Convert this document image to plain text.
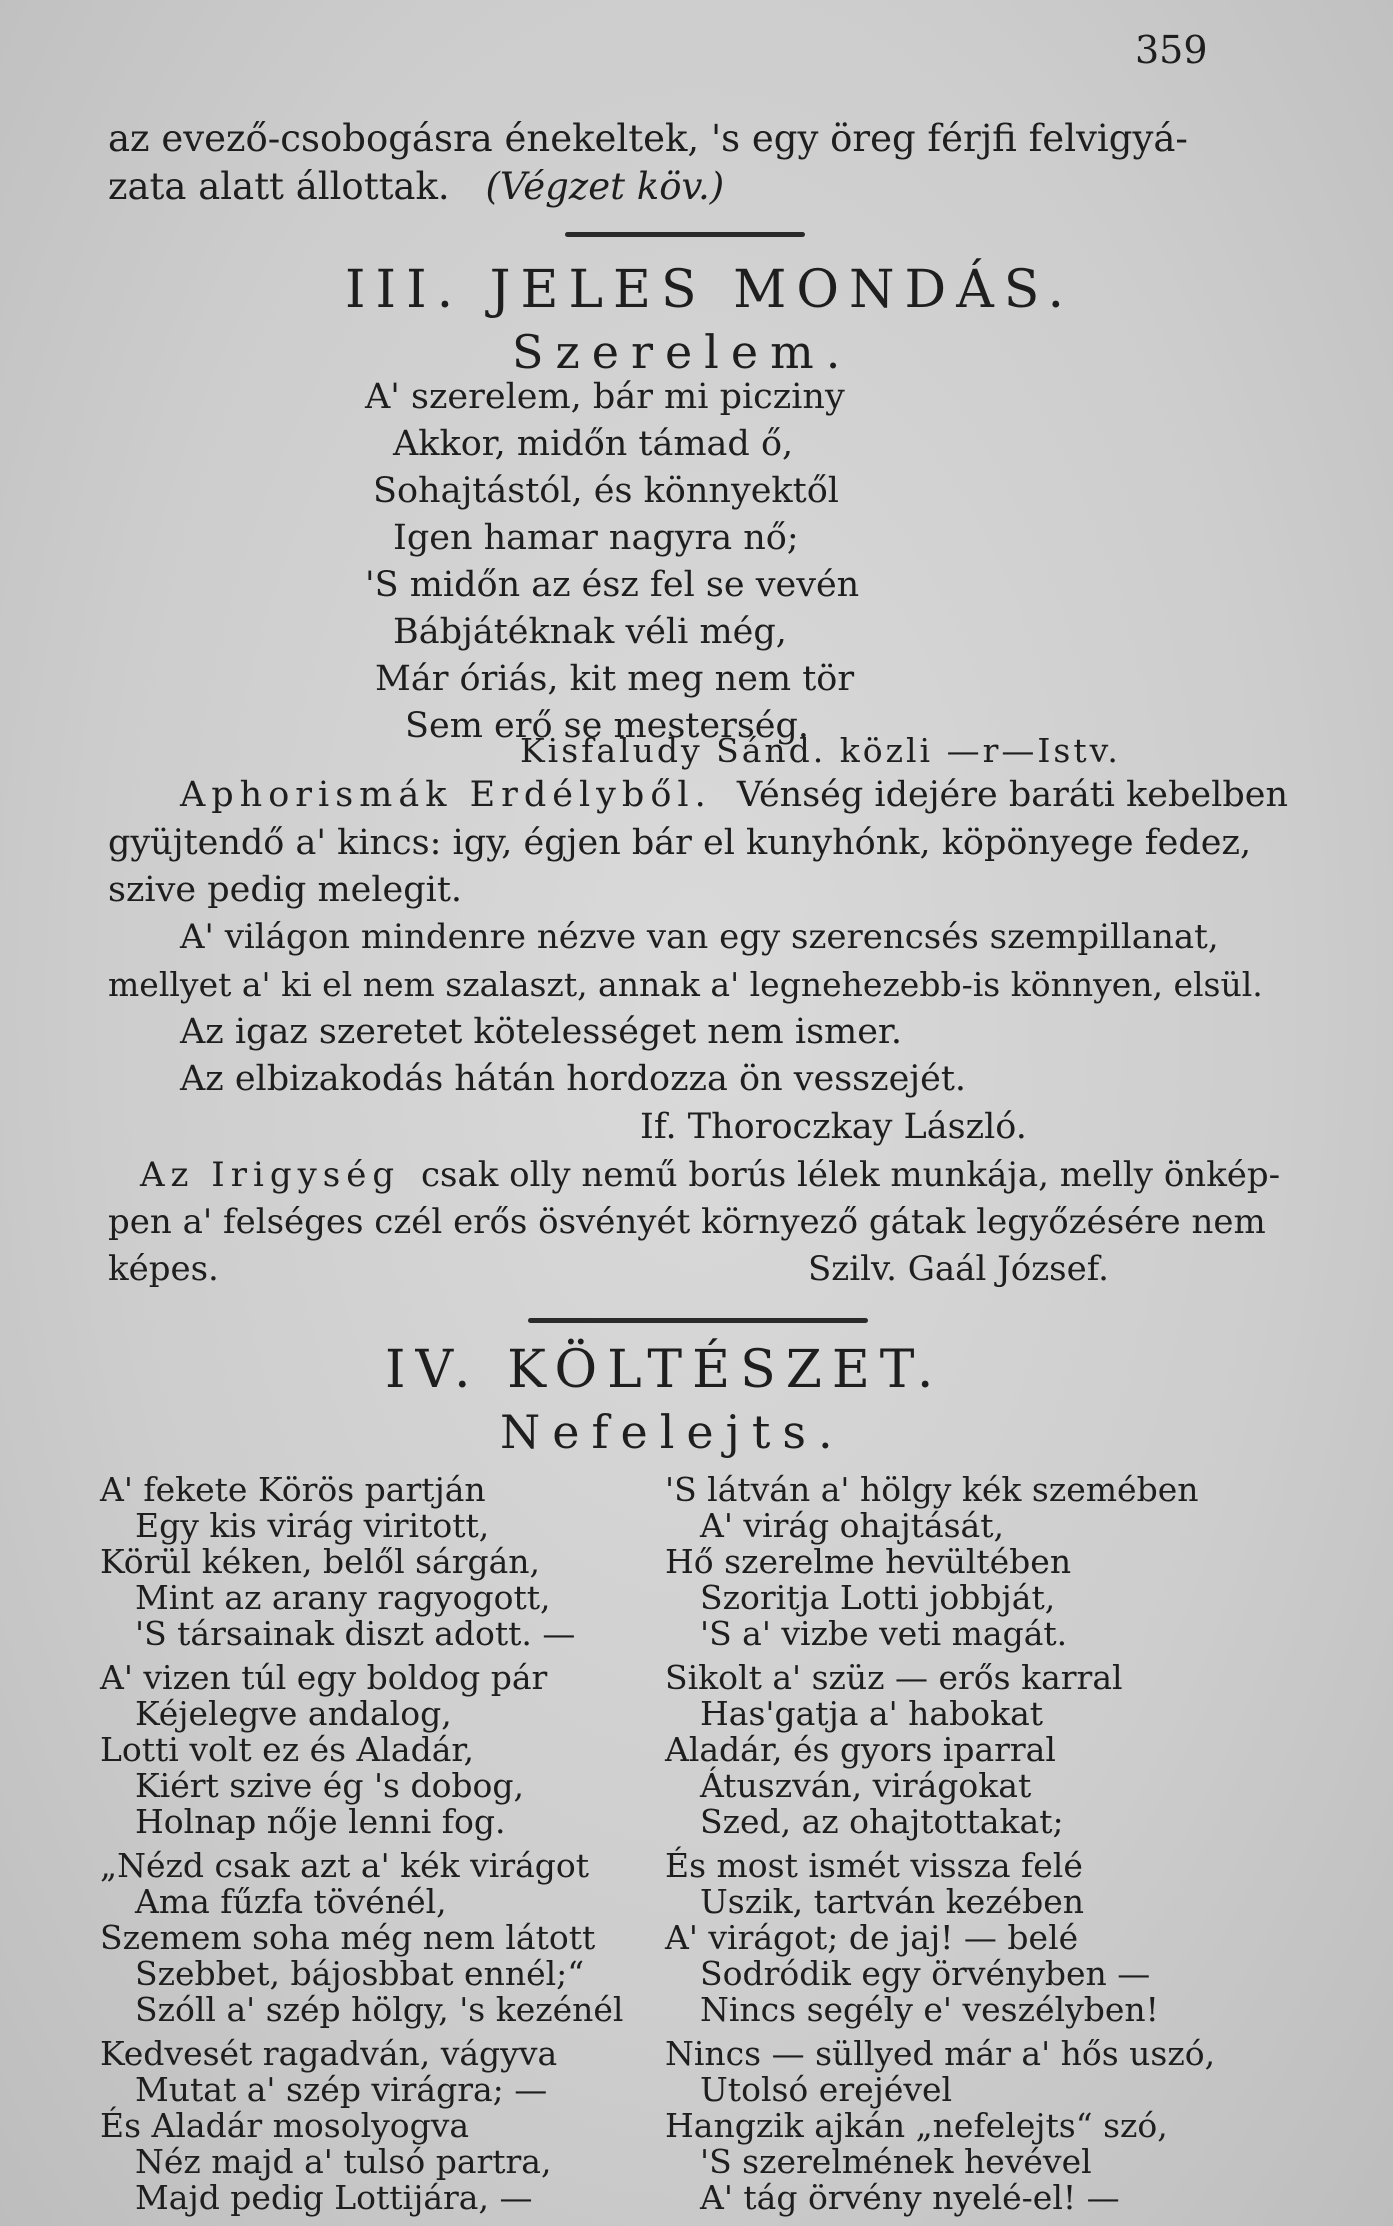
359
az evező-csobogásra énekeltek, 's egy öreg férjfi felvigyá-
zata alatt állottak. (Végzet köv.)
III. JELES MONDÁS.
Szerelem.
A' szerelem, bár mi picziny
Akkor, midőn támad ő,
Sohajtástól, és könnyektől
Igen hamar nagyra nő;
'S midőn az ész fel se vevén
Bábjátéknak véli még,
Már óriás, kit meg nem tör
Sem erő se mesterség.
Kisfaludy Sánd. közli —r—Istv.
Aphorismák Erdélyből. Vénség idejére baráti kebelben
gyüjtendő a' kincs: igy, égjen bár el kunyhónk, köpönyege fedez,
szive pedig melegit.
A' világon mindenre nézve van egy szerencsés szempillanat,
mellyet a' ki el nem szalaszt, annak a' legnehezebb-is könnyen, elsül.
Az igaz szeretet kötelességet nem ismer.
Az elbizakodás hátán hordozza ön vesszejét.
If. Thoroczkay László.
Az Irigység csak olly nemű borús lélek munkája, melly önkép-
pen a' felséges czél erős ösvényét környező gátak legyőzésére nem
képes.	Szilv. Gaál József.
IV. KÖLTÉSZET.
Nefelejts.
A' fekete Körös partján
Egy kis virág viritott,
Körül kéken, belől sárgán,
Mint az arany ragyogott,
'S társainak diszt adott. —
A' vizen túl egy boldog pár
Kéjelegve andalog,
Lotti volt ez és Aladár,
Kiért szive ég 's dobog,
Holnap nője lenni fog.
„Nézd csak azt a' kék virágot
Ama fűzfa tövénél,
Szemem soha még nem látott
Szebbet, bájosbbat ennél;“
Szóll a' szép hölgy, 's kezénél
Kedvesét ragadván, vágyva
Mutat a' szép virágra; —
És Aladár mosolyogva
Néz majd a' tulsó partra,
Majd pedig Lottijára, —
'S látván a' hölgy kék szemében
A' virág ohajtását,
Hő szerelme hevültében
Szoritja Lotti jobbját,
'S a' vizbe veti magát.
Sikolt a' szüz — erős karral
Has'gatja a' habokat
Aladár, és gyors iparral
Átuszván, virágokat
Szed, az ohajtottakat;
És most ismét vissza felé
Uszik, tartván kezében
A' virágot; de jaj! — belé
Sodródik egy örvényben —
Nincs segély e' veszélyben!
Nincs — süllyed már a' hős uszó,
Utolsó erejével
Hangzik ajkán „nefelejts“ szó,
'S szerelmének hevével
A' tág örvény nyelé-el! —
